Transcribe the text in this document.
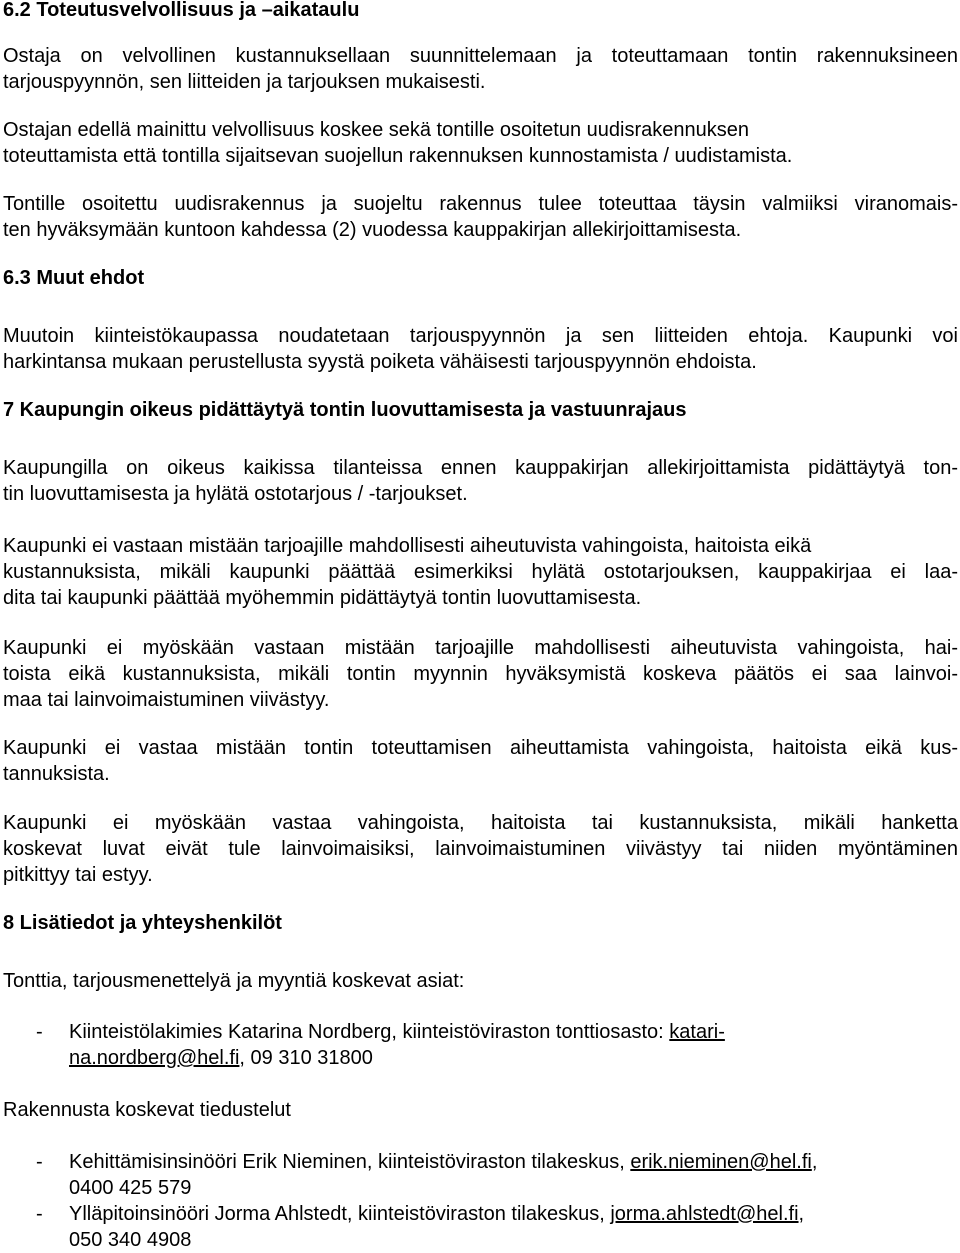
6.2 Toteutusvelvollisuus ja –aikataulu
Ostaja on velvollinen kustannuksellaan suunnittelemaan ja toteuttamaan tontin rakennuksineen
tarjouspyynnön, sen liitteiden ja tarjouksen mukaisesti.
Ostajan edellä mainittu velvollisuus koskee sekä tontille osoitetun uudisrakennuksen
toteuttamista että tontilla sijaitsevan suojellun rakennuksen kunnostamista / uudistamista.
Tontille osoitettu uudisrakennus ja suojeltu rakennus tulee toteuttaa täysin valmiiksi viranomais-
ten hyväksymään kuntoon kahdessa (2) vuodessa kauppakirjan allekirjoittamisesta.
6.3 Muut ehdot
Muutoin kiinteistökaupassa noudatetaan tarjouspyynnön ja sen liitteiden ehtoja. Kaupunki voi
harkintansa mukaan perustellusta syystä poiketa vähäisesti tarjouspyynnön ehdoista.
7 Kaupungin oikeus pidättäytyä tontin luovuttamisesta ja vastuunrajaus
Kaupungilla on oikeus kaikissa tilanteissa ennen kauppakirjan allekirjoittamista pidättäytyä ton-
tin luovuttamisesta ja hylätä ostotarjous / -tarjoukset.
Kaupunki ei vastaan mistään tarjoajille mahdollisesti aiheutuvista vahingoista, haitoista eikä
kustannuksista, mikäli kaupunki päättää esimerkiksi hylätä ostotarjouksen, kauppakirjaa ei laa-
dita tai kaupunki päättää myöhemmin pidättäytyä tontin luovuttamisesta.
Kaupunki ei myöskään vastaan mistään tarjoajille mahdollisesti aiheutuvista vahingoista, hai-
toista eikä kustannuksista, mikäli tontin myynnin hyväksymistä koskeva päätös ei saa lainvoi-
maa tai lainvoimaistuminen viivästyy.
Kaupunki ei vastaa mistään tontin toteuttamisen aiheuttamista vahingoista, haitoista eikä kus-
tannuksista.
Kaupunki ei myöskään vastaa vahingoista, haitoista tai kustannuksista, mikäli hanketta
koskevat luvat eivät tule lainvoimaisiksi, lainvoimaistuminen viivästyy tai niiden myöntäminen
pitkittyy tai estyy.
8 Lisätiedot ja yhteyshenkilöt
Tonttia, tarjousmenettelyä ja myyntiä koskevat asiat:
- Kiinteistölakimies Katarina Nordberg, kiinteistöviraston tonttiosasto: katari-
na.nordberg@hel.fi, 09 310 31800
Rakennusta koskevat tiedustelut
- Kehittämisinsinööri Erik Nieminen, kiinteistöviraston tilakeskus, erik.nieminen@hel.fi,
0400 425 579
- Ylläpitoinsinööri Jorma Ahlstedt, kiinteistöviraston tilakeskus, jorma.ahlstedt@hel.fi,
050 340 4908
